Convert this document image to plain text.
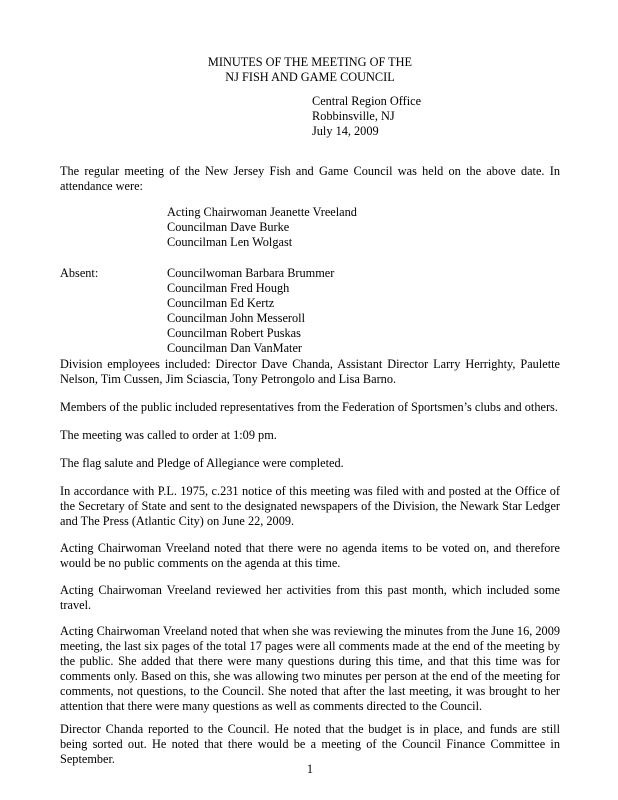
MINUTES OF THE MEETING OF THE
NJ FISH AND GAME COUNCIL
Central Region Office
Robbinsville, NJ
July 14, 2009
The regular meeting of the New Jersey Fish and Game Council was held on the above date. In attendance were:
Acting Chairwoman Jeanette Vreeland
Councilman Dave Burke
Councilman Len Wolgast
Absent:	Councilwoman Barbara Brummer
Councilman Fred Hough
Councilman Ed Kertz
Councilman John Messeroll
Councilman Robert Puskas
Councilman Dan VanMater
Division employees included: Director Dave Chanda, Assistant Director Larry Herrighty, Paulette Nelson, Tim Cussen, Jim Sciascia, Tony Petrongolo and Lisa Barno.
Members of the public included representatives from the Federation of Sportsmen’s clubs and others.
The meeting was called to order at 1:09 pm.
The flag salute and Pledge of Allegiance were completed.
In accordance with P.L. 1975, c.231 notice of this meeting was filed with and posted at the Office of the Secretary of State and sent to the designated newspapers of the Division, the Newark Star Ledger and The Press (Atlantic City) on June 22, 2009.
Acting Chairwoman Vreeland noted that there were no agenda items to be voted on, and therefore would be no public comments on the agenda at this time.
Acting Chairwoman Vreeland reviewed her activities from this past month, which included some travel.
Acting Chairwoman Vreeland noted that when she was reviewing the minutes from the June 16, 2009 meeting, the last six pages of the total 17 pages were all comments made at the end of the meeting by the public. She added that there were many questions during this time, and that this time was for comments only. Based on this, she was allowing two minutes per person at the end of the meeting for comments, not questions, to the Council. She noted that after the last meeting, it was brought to her attention that there were many questions as well as comments directed to the Council.
Director Chanda reported to the Council. He noted that the budget is in place, and funds are still being sorted out. He noted that there would be a meeting of the Council Finance Committee in September.
1
